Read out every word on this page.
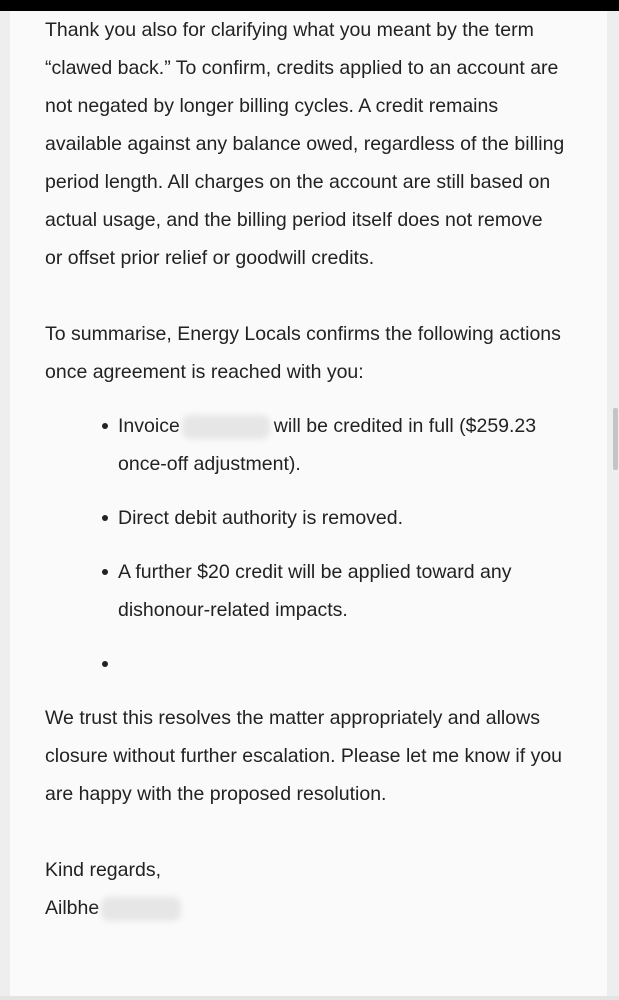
Thank you also for clarifying what you meant by the term “clawed back.” To confirm, credits applied to an account are not negated by longer billing cycles. A credit remains available against any balance owed, regardless of the billing period length. All charges on the account are still based on actual usage, and the billing period itself does not remove or offset prior relief or goodwill credits.

To summarise, Energy Locals confirms the following actions once agreement is reached with you:

Invoice	will be credited in full ($259.23 once-off adjustment).
Direct debit authority is removed.
A further $20 credit will be applied toward any dishonour-related impacts.

We trust this resolves the matter appropriately and allows closure without further escalation. Please let me know if you are happy with the proposed resolution.

Kind regards,

Ailbhe
